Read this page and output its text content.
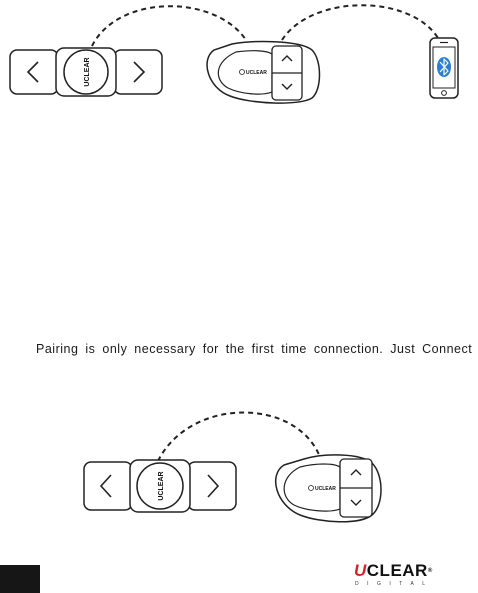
UCLEAR	UCLEAR

Pairing is only necessary for the first time connection. Just Connect

UCLEAR	UCLEAR
UCLEAR®
DIGITAL
